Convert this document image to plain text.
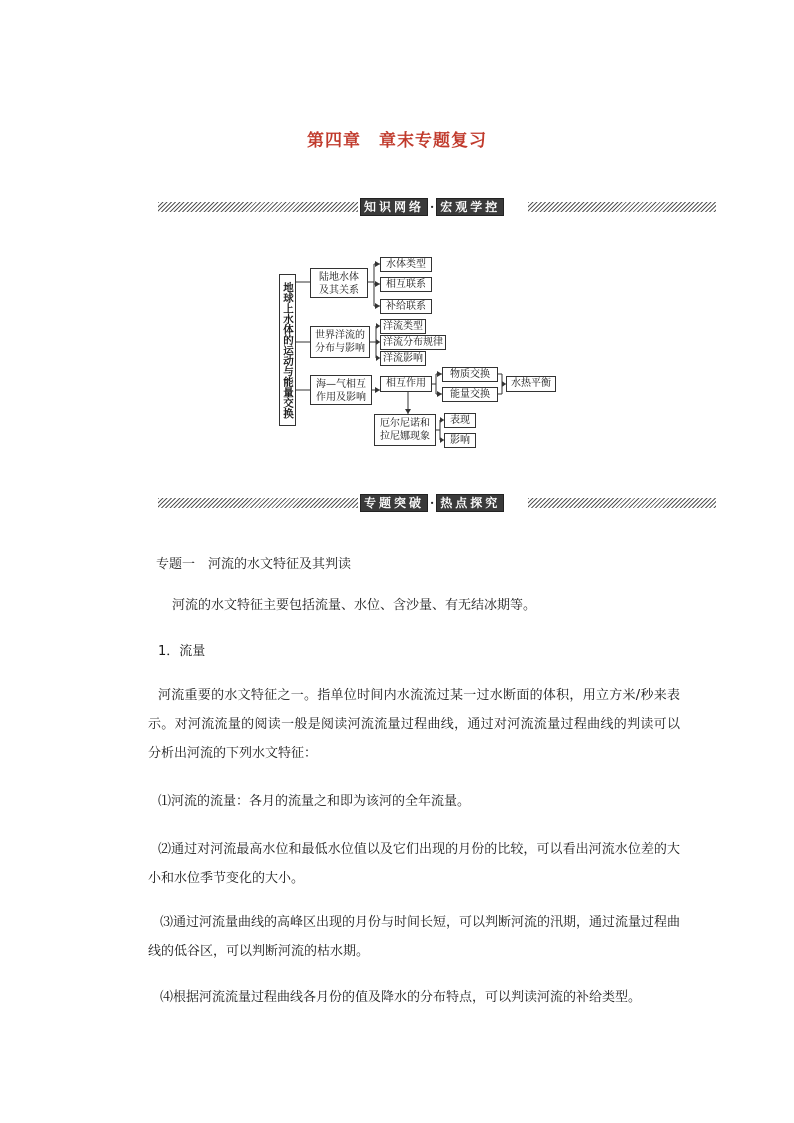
第四章　章末专题复习
知识网络 · 宏观学控
地球上水体的运动与能量交换
陆地水体及其关系
水体类型
相互联系
补给联系
世界洋流的分布与影响
洋流类型
洋流分布规律
洋流影响
海—气相互作用及影响
相互作用
物质交换
能量交换
水热平衡
厄尔尼诺和拉尼娜现象
表现
影响
专题突破 · 热点探究
专题一　河流的水文特征及其判读
河流的水文特征主要包括流量、水位、含沙量、有无结冰期等。
1．流量
河流重要的水文特征之一。指单位时间内水流流过某一过水断面的体积，用立方米/秒来表示。对河流流量的阅读一般是阅读河流流量过程曲线，通过对河流流量过程曲线的判读可以分析出河流的下列水文特征：
⑴河流的流量：各月的流量之和即为该河的全年流量。
⑵通过对河流最高水位和最低水位值以及它们出现的月份的比较，可以看出河流水位差的大小和水位季节变化的大小。
⑶通过河流量曲线的高峰区出现的月份与时间长短，可以判断河流的汛期，通过流量过程曲线的低谷区，可以判断河流的枯水期。
⑷根据河流流量过程曲线各月份的值及降水的分布特点，可以判读河流的补给类型。
